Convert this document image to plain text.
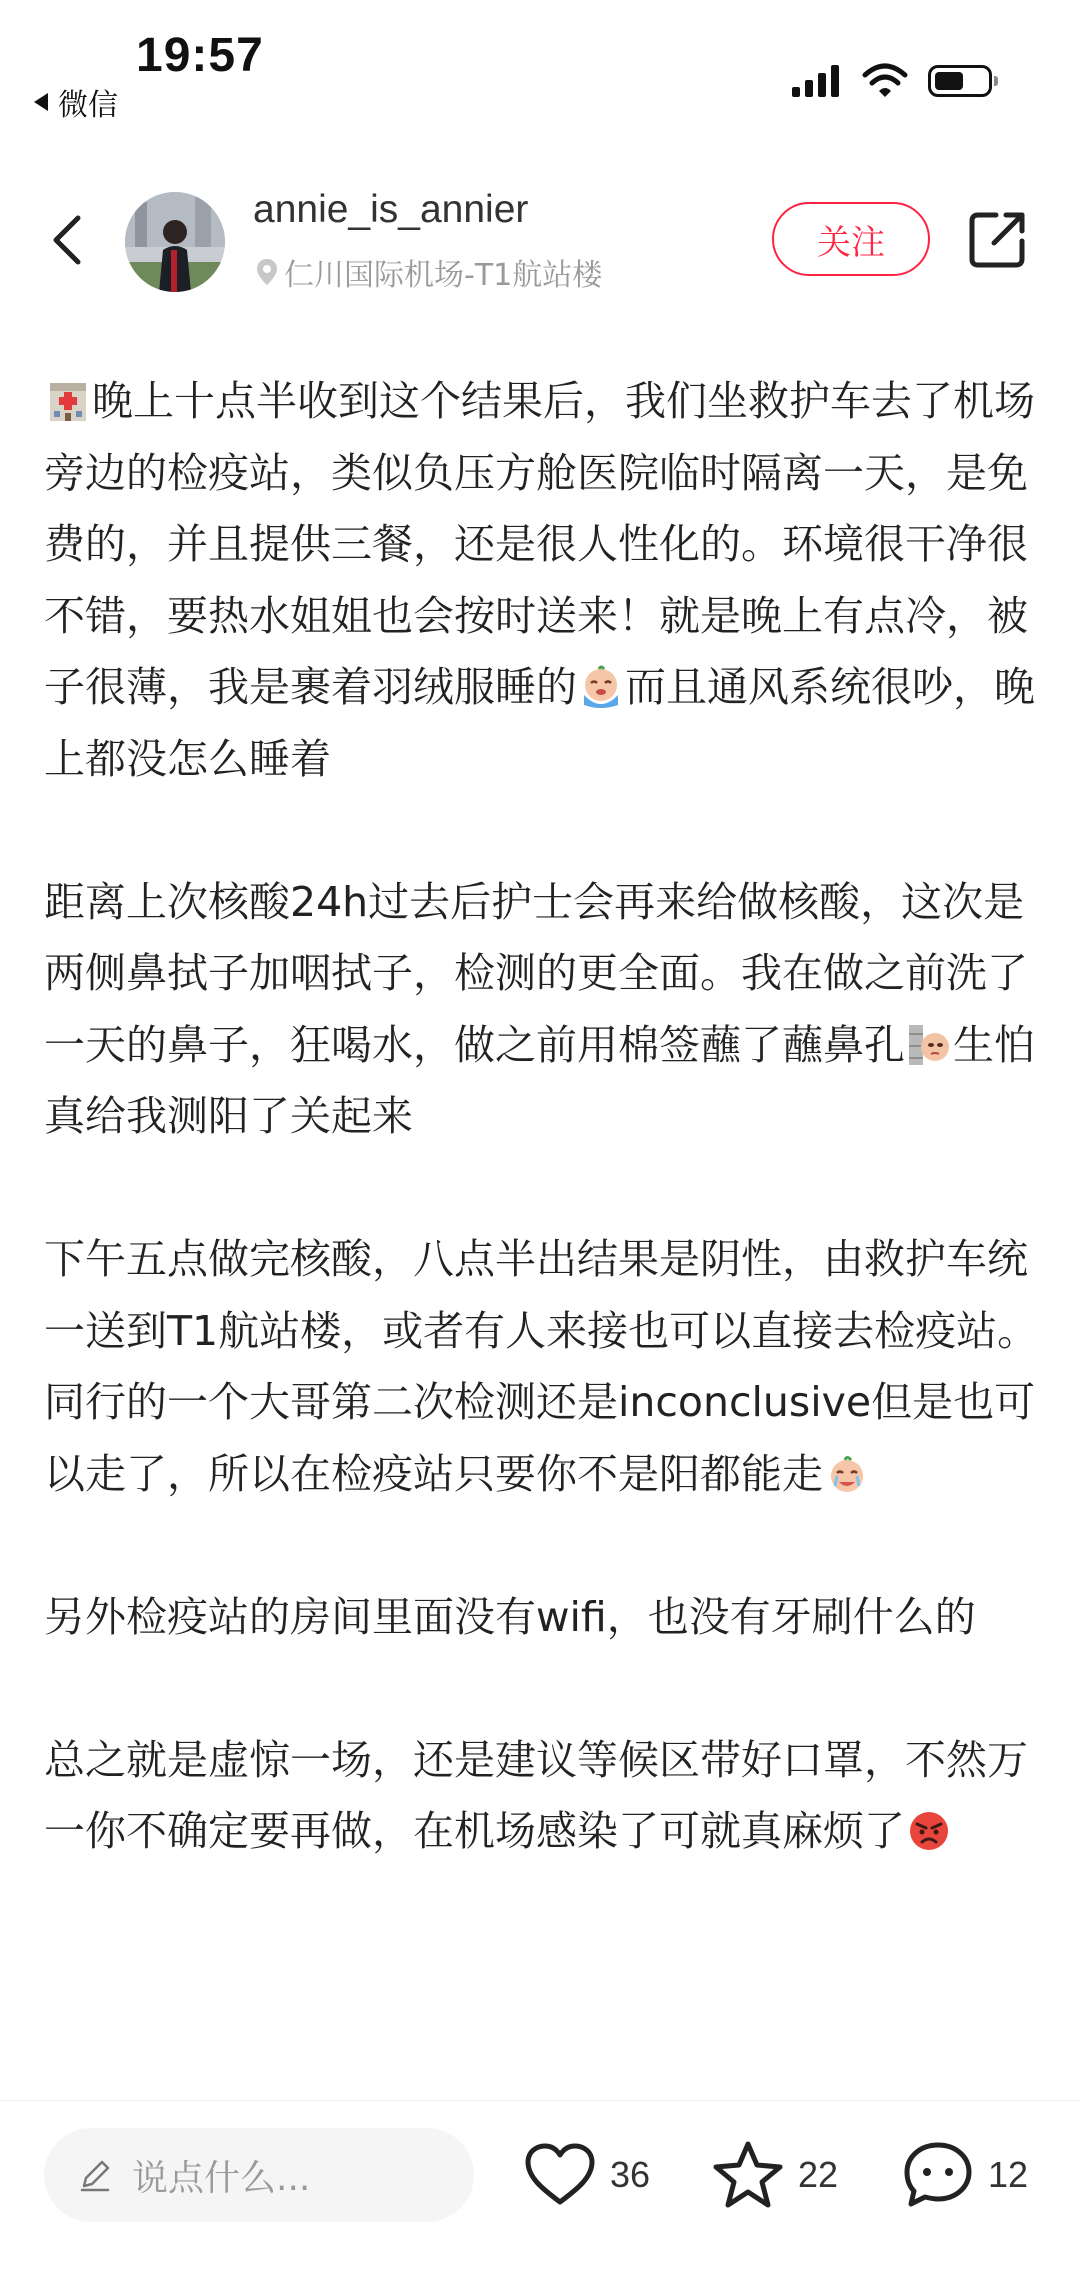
19:57
微信
annie_is_annier
仁川国际机场-T1航站楼
关注

晚上十点半收到这个结果后，我们坐救护车去了机场旁边的检疫站，类似负压方舱医院临时隔离一天，是免费的，并且提供三餐，还是很人性化的。环境很干净很不错，要热水姐姐也会按时送来！就是晚上有点冷，被子很薄，我是裹着羽绒服睡的 而且通风系统很吵，晚上都没怎么睡着

距离上次核酸24h过去后护士会再来给做核酸，这次是两侧鼻拭子加咽拭子，检测的更全面。我在做之前洗了一天的鼻子，狂喝水，做之前用棉签蘸了蘸鼻孔 生怕真给我测阳了关起来

下午五点做完核酸，八点半出结果是阴性，由救护车统一送到T1航站楼，或者有人来接也可以直接去检疫站。同行的一个大哥第二次检测还是inconclusive但是也可以走了，所以在检疫站只要你不是阳都能走

另外检疫站的房间里面没有wifi，也没有牙刷什么的

总之就是虚惊一场，还是建议等候区带好口罩，不然万一你不确定要再做，在机场感染了可就真麻烦了

说点什么...	36	22	12
